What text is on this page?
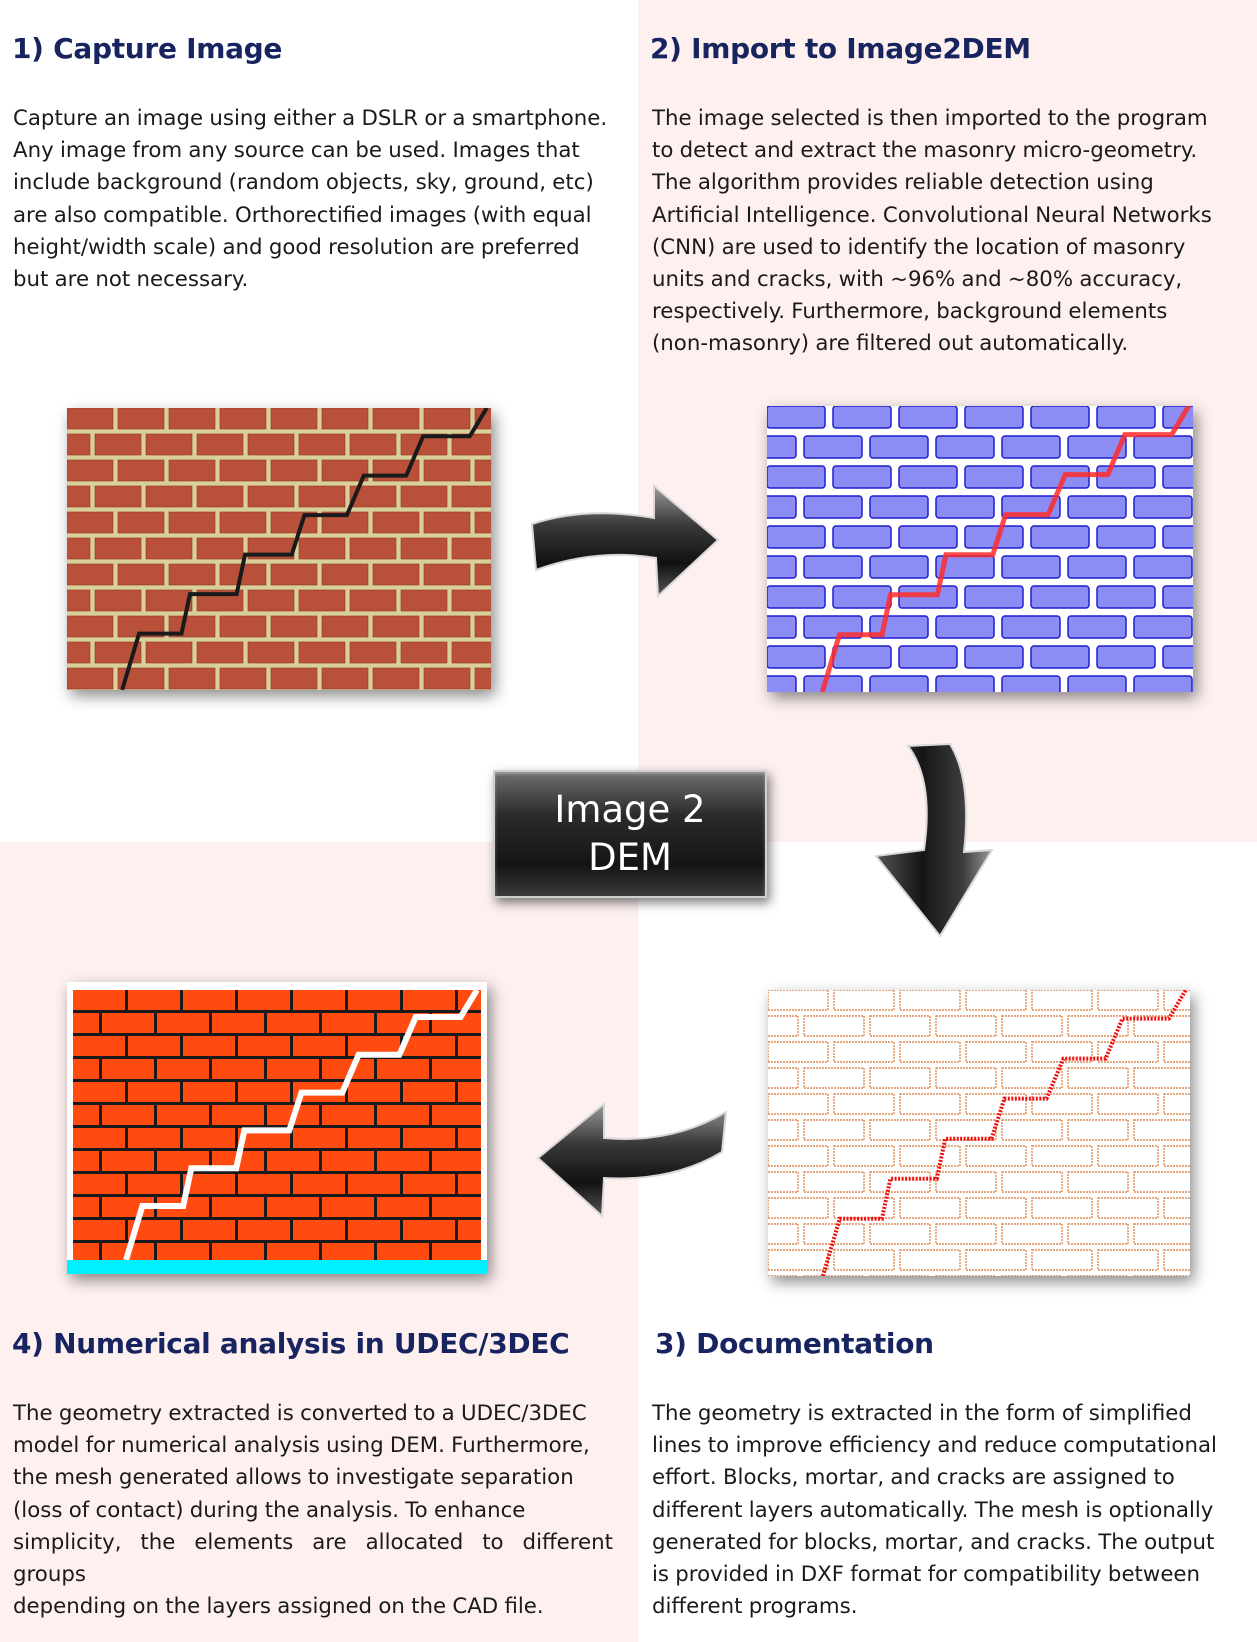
1) Capture Image
Capture an image using either a DSLR or a smartphone.
Any image from any source can be used. Images that
include background (random objects, sky, ground, etc)
are also compatible. Orthorectified images (with equal
height/width scale) and good resolution are preferred
but are not necessary.
2) Import to Image2DEM
The image selected is then imported to the program
to detect and extract the masonry micro-geometry.
The algorithm provides reliable detection using
Artificial Intelligence. Convolutional Neural Networks
(CNN) are used to identify the location of masonry
units and cracks, with ~96% and ~80% accuracy,
respectively. Furthermore, background elements
(non-masonry) are filtered out automatically.
3) Documentation
The geometry is extracted in the form of simplified
lines to improve efficiency and reduce computational
effort. Blocks, mortar, and cracks are assigned to
different layers automatically. The mesh is optionally
generated for blocks, mortar, and cracks. The output
is provided in DXF format for compatibility between
different programs.
4) Numerical analysis in UDEC/3DEC
The geometry extracted is converted to a UDEC/3DEC
model for numerical analysis using DEM. Furthermore,
the mesh generated allows to investigate separation
(loss of contact) during the analysis. To enhance
simplicity, the elements are allocated to different groups
depending on the layers assigned on the CAD file.
Image 2
DEM
